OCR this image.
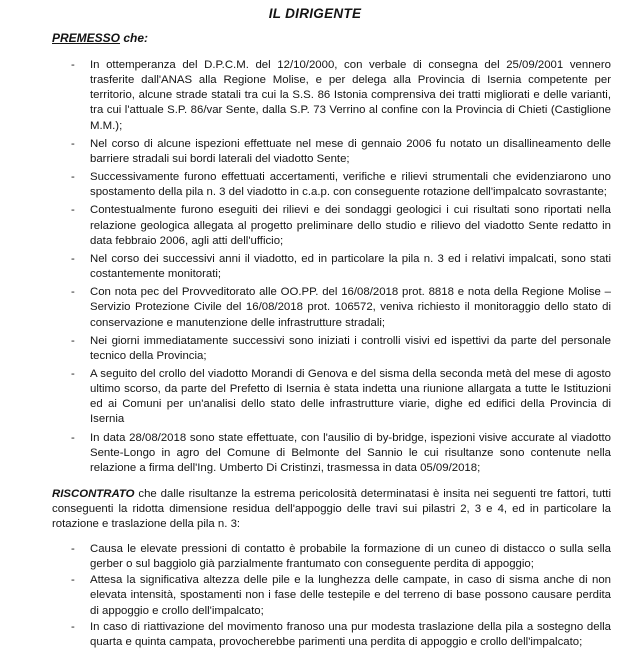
IL DIRIGENTE
PREMESSO che:
-	In ottemperanza del D.P.C.M. del 12/10/2000, con verbale di consegna del 25/09/2001 vennero trasferite dall'ANAS alla Regione Molise, e per delega alla Provincia di Isernia competente per territorio, alcune strade statali tra cui la S.S. 86 Istonia comprensiva dei tratti migliorati e delle varianti, tra cui l'attuale S.P. 86/var Sente, dalla S.P. 73 Verrino al confine con la Provincia di Chieti (Castiglione M.M.);
-	Nel corso di alcune ispezioni effettuate nel mese di gennaio 2006 fu notato un disallineamento delle barriere stradali sui bordi laterali del viadotto Sente;
-	Successivamente furono effettuati accertamenti, verifiche e rilievi strumentali che evidenziarono uno spostamento della pila n. 3 del viadotto in c.a.p. con conseguente rotazione dell'impalcato sovrastante;
-	Contestualmente furono eseguiti dei rilievi e dei sondaggi geologici i cui risultati sono riportati nella relazione geologica allegata al progetto preliminare dello studio e rilievo del viadotto Sente redatto in data febbraio 2006, agli atti dell'ufficio;
-	Nel corso dei successivi anni il viadotto, ed in particolare la pila n. 3 ed i relativi impalcati, sono stati costantemente monitorati;
-	Con nota pec del Provveditorato alle OO.PP. del 16/08/2018 prot. 8818 e nota della Regione Molise – Servizio Protezione Civile del 16/08/2018 prot. 106572, veniva richiesto il monitoraggio dello stato di conservazione e manutenzione delle infrastrutture stradali;
-	Nei giorni immediatamente successivi sono iniziati i controlli visivi ed ispettivi da parte del personale tecnico della Provincia;
-	A seguito del crollo del viadotto Morandi di Genova e del sisma della seconda metà del mese di agosto ultimo scorso, da parte del Prefetto di Isernia è stata indetta una riunione allargata a tutte le Istituzioni ed ai Comuni per un'analisi dello stato delle infrastrutture viarie, dighe ed edifici della Provincia di Isernia
-	In data 28/08/2018 sono state effettuate, con l'ausilio di by-bridge, ispezioni visive accurate al viadotto Sente-Longo in agro del Comune di Belmonte del Sannio le cui risultanze sono contenute nella relazione a firma dell'Ing. Umberto Di Cristinzi, trasmessa in data 05/09/2018;
RISCONTRATO che dalle risultanze la estrema pericolosità determinatasi è insita nei seguenti tre fattori, tutti conseguenti la ridotta dimensione residua dell'appoggio delle travi sui pilastri 2, 3 e 4, ed in particolare la rotazione e traslazione della pila n. 3:
-	Causa le elevate pressioni di contatto è probabile la formazione di un cuneo di distacco o sulla sella gerber o sul baggiolo già parzialmente frantumato con conseguente perdita di appoggio;
-	Attesa la significativa altezza delle pile e la lunghezza delle campate, in caso di sisma anche di non elevata intensità, spostamenti non i fase delle testepile e del terreno di base possono causare perdita di appoggio e crollo dell'impalcato;
-	In caso di riattivazione del movimento franoso una pur modesta traslazione della pila a sostegno della quarta e quinta campata, provocherebbe parimenti una perdita di appoggio e crollo dell'impalcato;
